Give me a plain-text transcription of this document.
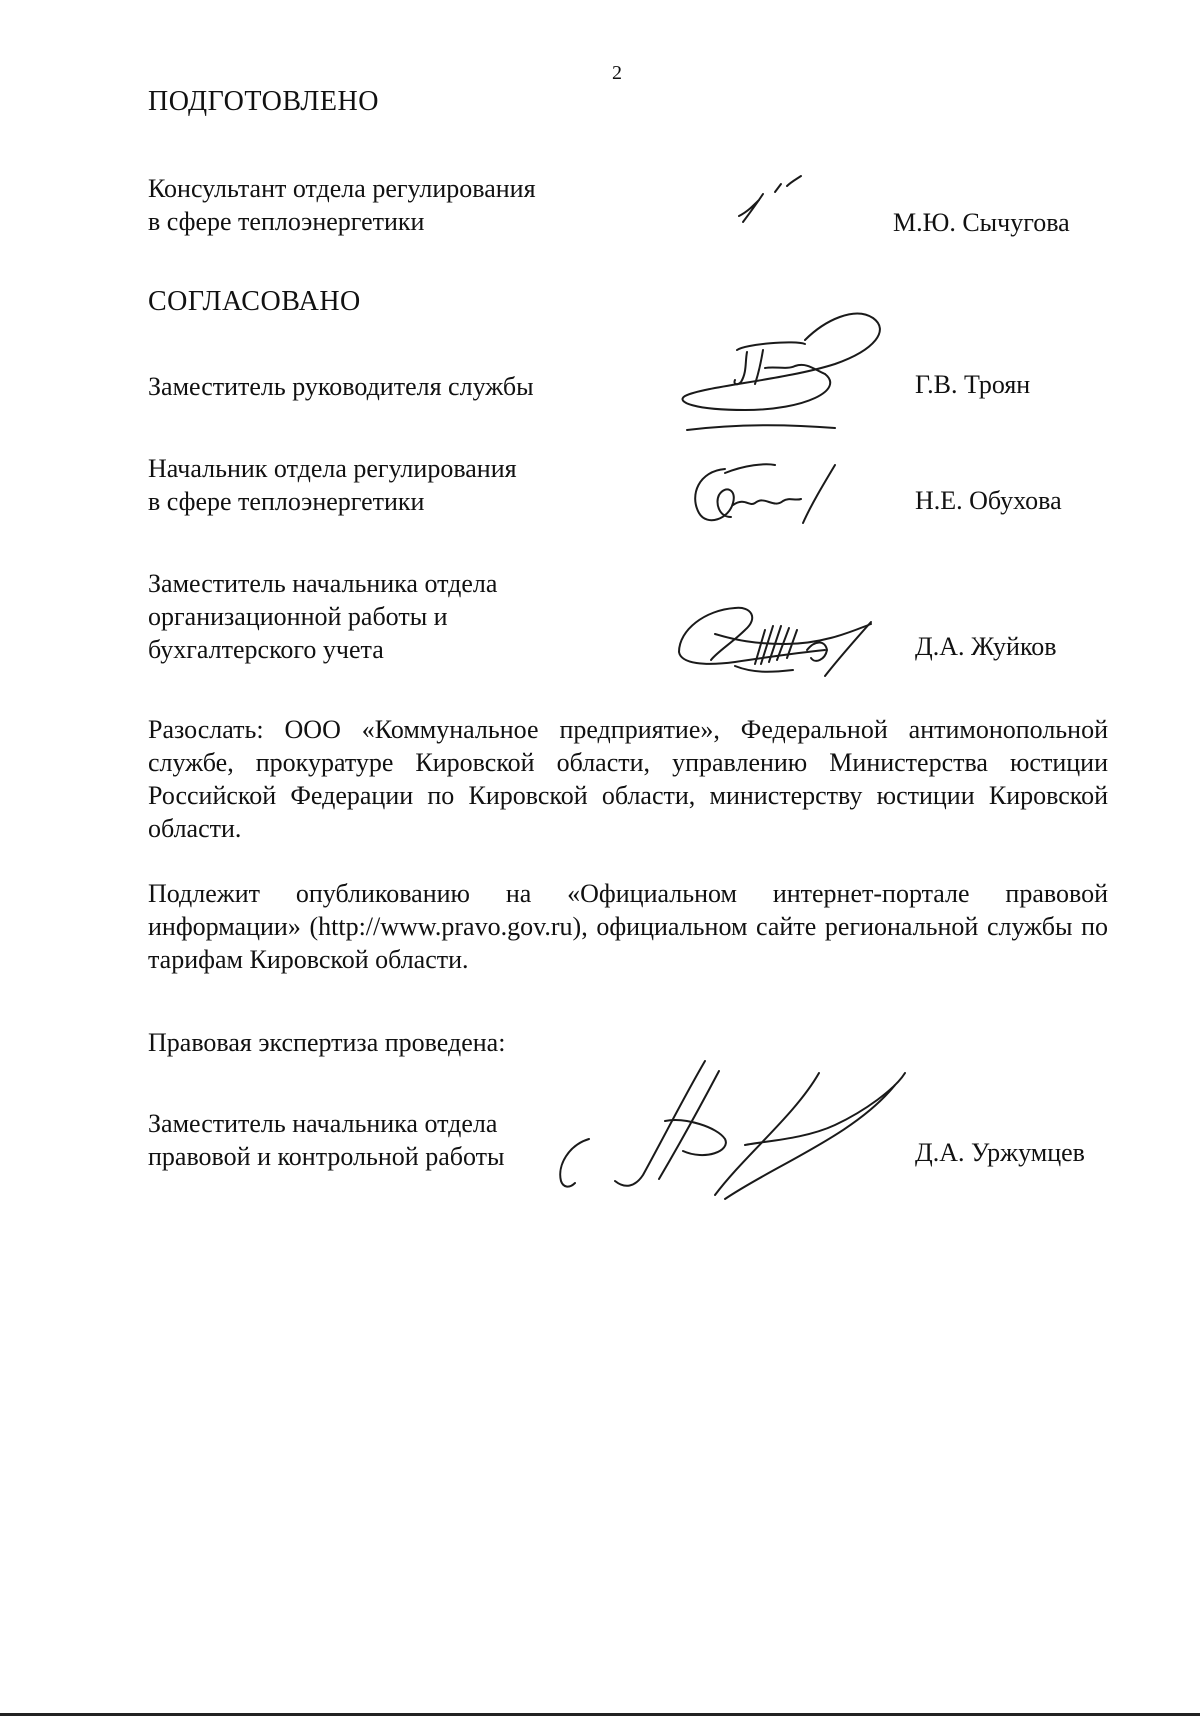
2
ПОДГОТОВЛЕНО
Консультант отдела регулирования
в сфере теплоэнергетики	М.Ю. Сычугова
СОГЛАСОВАНО
Заместитель руководителя службы	Г.В. Троян
Начальник отдела регулирования
в сфере теплоэнергетики	Н.Е. Обухова
Заместитель начальника отдела
организационной работы и
бухгалтерского учета	Д.А. Жуйков
Разослать: ООО «Коммунальное предприятие», Федеральной антимонопольной службе, прокуратуре Кировской области, управлению Министерства юстиции Российской Федерации по Кировской области, министерству юстиции Кировской области.
Подлежит опубликованию на «Официальном интернет-портале правовой информации» (http://www.pravo.gov.ru), официальном сайте региональной службы по тарифам Кировской области.
Правовая экспертиза проведена:
Заместитель начальника отдела
правовой и контрольной работы	Д.А. Уржумцев
